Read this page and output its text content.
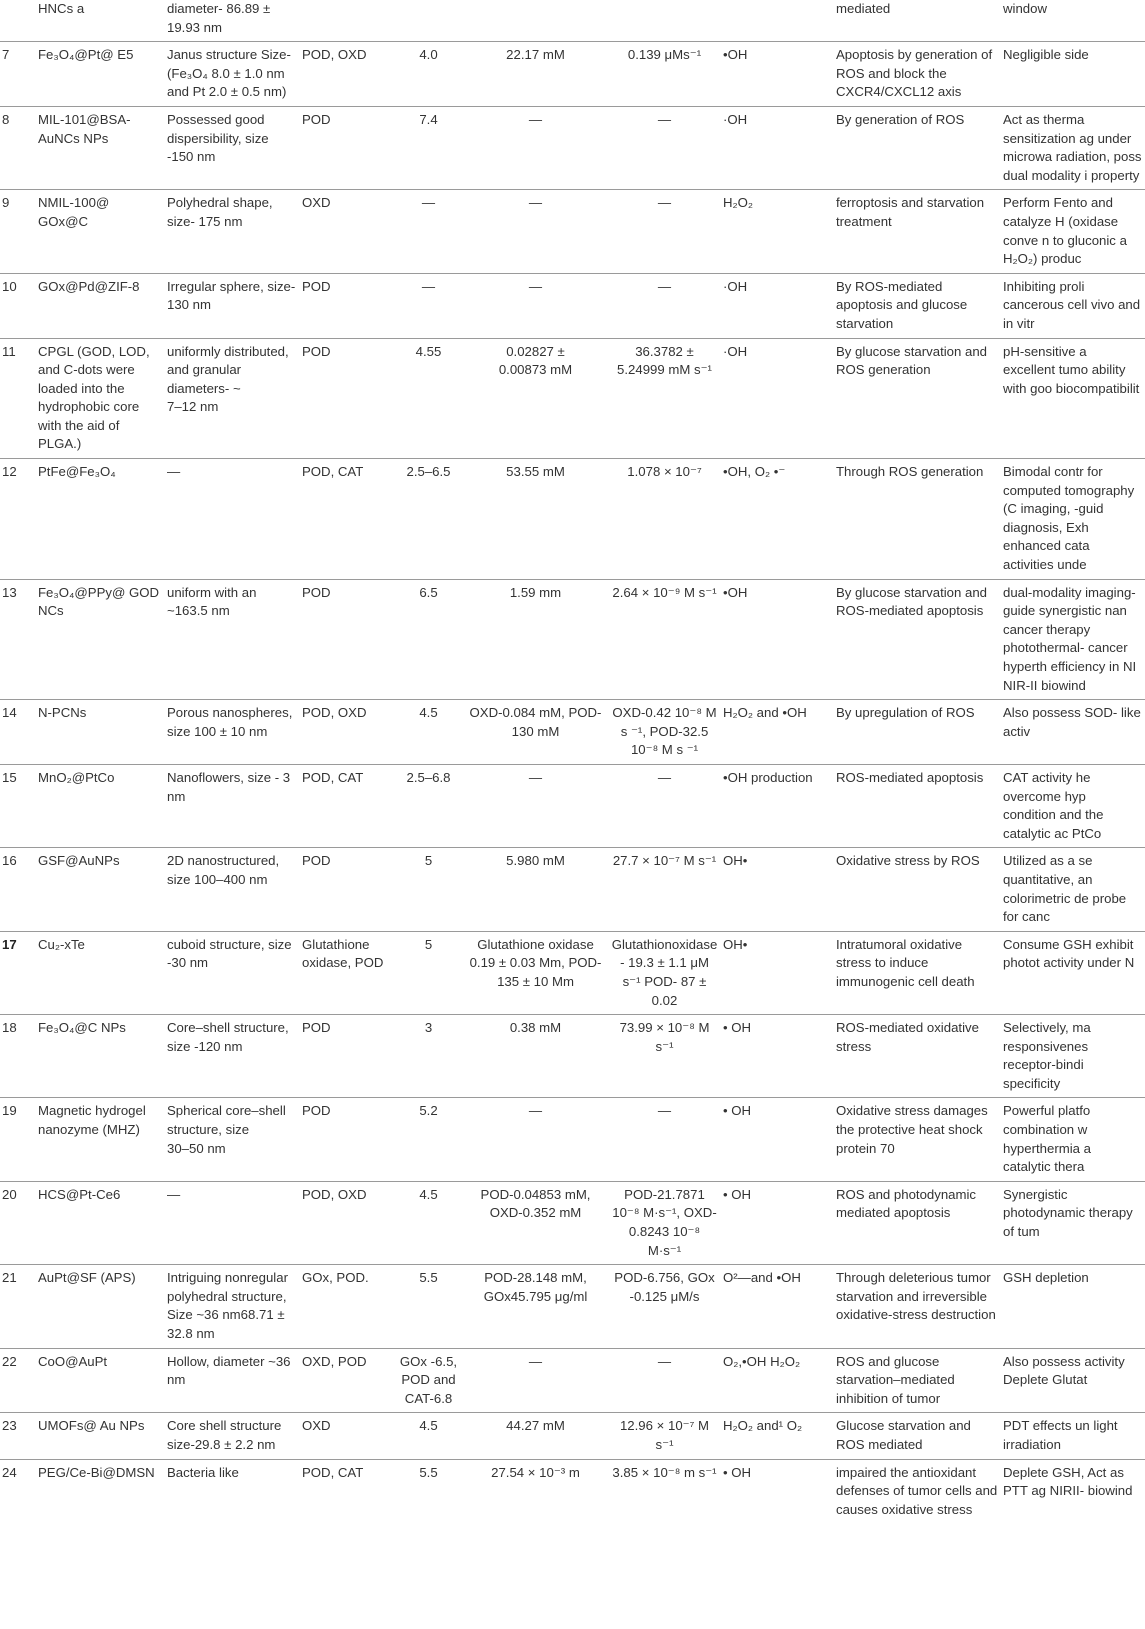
	HNCs a	diameter- 86.89 ±
19.93 nm						mediated	window
7	Fe₃O₄@Pt@ E5	Janus structure Size- (Fe₃O₄ 8.0 ± 1.0 nm and Pt 2.0 ± 0.5 nm)	POD, OXD	4.0	22.17 mM	0.139 μMs⁻¹	•OH	Apoptosis by generation of ROS and block the CXCR4/CXCL12 axis	Negligible side
8	MIL-101@BSA-AuNCs NPs	Possessed good dispersibility, size -150 nm	POD	7.4	—	—	·OH	By generation of ROS	Act as therma sensitization ag under microwa radiation, poss dual modality i property
9	NMIL-100@ GOx@C	Polyhedral shape, size- 175 nm	OXD	—	—	—	H₂O₂	ferroptosis and starvation treatment	Perform Fento and catalyze H (oxidase conve n to gluconic a H₂O₂) produc
10	GOx@Pd@ZIF-8	Irregular sphere, size-130 nm	POD	—	—	—	·OH	By ROS-mediated apoptosis and glucose starvation	Inhibiting proli cancerous cell vivo and in vitr
11	CPGL (GOD, LOD, and C-dots were loaded into the hydrophobic core with the aid of PLGA.)	uniformly distributed, and granular diameters- ~
7–12 nm	POD	4.55	0.02827 ±
0.00873 mM	36.3782 ±
5.24999 mM s⁻¹	·OH	By glucose starvation and ROS generation	pH-sensitive a excellent tumo ability with goo biocompatibilit
12	PtFe@Fe₃O₄	—	POD, CAT	2.5–6.5	53.55 mM	1.078 × 10⁻⁷	•OH, O₂ •⁻	Through ROS generation	Bimodal contr for computed tomography (C imaging, -guid diagnosis, Exh enhanced cata activities unde
13	Fe₃O₄@PPy@ GOD NCs	uniform with an ~163.5 nm	POD	6.5	1.59 mm	2.64 × 10⁻⁹ M s⁻¹	•OH	By glucose starvation and ROS-mediated apoptosis	dual-modality imaging-guide synergistic nan cancer therapy photothermal- cancer hyperth efficiency in NI NIR-II biowind
14	N-PCNs	Porous nanospheres, size 100 ± 10 nm	POD, OXD	4.5	OXD-0.084 mM, POD-130 mM	OXD-0.42 10⁻⁸ M s ⁻¹, POD-32.5 10⁻⁸ M s ⁻¹	H₂O₂ and •OH	By upregulation of ROS	Also possess SOD- like activ
15	MnO₂@PtCo	Nanoflowers, size - 3 nm	POD, CAT	2.5–6.8	—	—	•OH production	ROS-mediated apoptosis	CAT activity he overcome hyp condition and the catalytic ac PtCo
16	GSF@AuNPs	2D nanostructured, size 100–400 nm	POD	5	5.980 mM	27.7 × 10⁻⁷ M s⁻¹	OH•	Oxidative stress by ROS	Utilized as a se quantitative, an colorimetric de probe for canc
17	Cu₂-xTe	cuboid structure, size -30 nm	Glutathione oxidase, POD	5	Glutathione oxidase 0.19 ± 0.03 Mm, POD- 135 ± 10 Mm	Glutathionoxidase- 19.3 ± 1.1 μM s⁻¹ POD- 87 ± 0.02	OH•	Intratumoral oxidative stress to induce immunogenic cell death	Consume GSH exhibit photot activity under N
18	Fe₃O₄@C NPs	Core–shell structure, size -120 nm	POD	3	0.38 mM	73.99 × 10⁻⁸ M s⁻¹	• OH	ROS-mediated oxidative stress	Selectively, ma responsivenes receptor-bindi specificity
19	Magnetic hydrogel nanozyme (MHZ)	Spherical core–shell structure, size
30–50 nm	POD	5.2	—	—	• OH	Oxidative stress damages the protective heat shock protein 70	Powerful platfo combination w hyperthermia a catalytic thera
20	HCS@Pt-Ce6	—	POD, OXD	4.5	POD-0.04853 mM, OXD-0.352 mM	POD-21.7871 10⁻⁸ M·s⁻¹, OXD- 0.8243 10⁻⁸ M·s⁻¹	• OH	ROS and photodynamic mediated apoptosis	Synergistic photodynamic therapy of tum
21	AuPt@SF (APS)	Intriguing nonregular polyhedral structure, Size ~36 nm68.71 ± 32.8 nm	GOx, POD.	5.5	POD-28.148 mM, GOx45.795 μg/ml	POD-6.756, GOx -0.125 μM/s	O²—and •OH	Through deleterious tumor starvation and irreversible oxidative-stress destruction	GSH depletion
22	CoO@AuPt	Hollow, diameter ~36 nm	OXD, POD	GOx -6.5, POD and CAT-6.8	—	—	O₂,•OH H₂O₂	ROS and glucose starvation–mediated inhibition of tumor	Also possess activity Deplete Glutat
23	UMOFs@ Au NPs	Core shell structure size-29.8 ± 2.2 nm	OXD	4.5	44.27 mM	12.96 × 10⁻⁷ M s⁻¹	H₂O₂ and¹ O₂	Glucose starvation and ROS mediated	PDT effects un light irradiation
24	PEG/Ce-Bi@DMSN	Bacteria like	POD, CAT	5.5	27.54 × 10⁻³ m	3.85 × 10⁻⁸ m s⁻¹	• OH	impaired the antioxidant defenses of tumor cells and causes oxidative stress	Deplete GSH, Act as PTT ag NIRII- biowind
